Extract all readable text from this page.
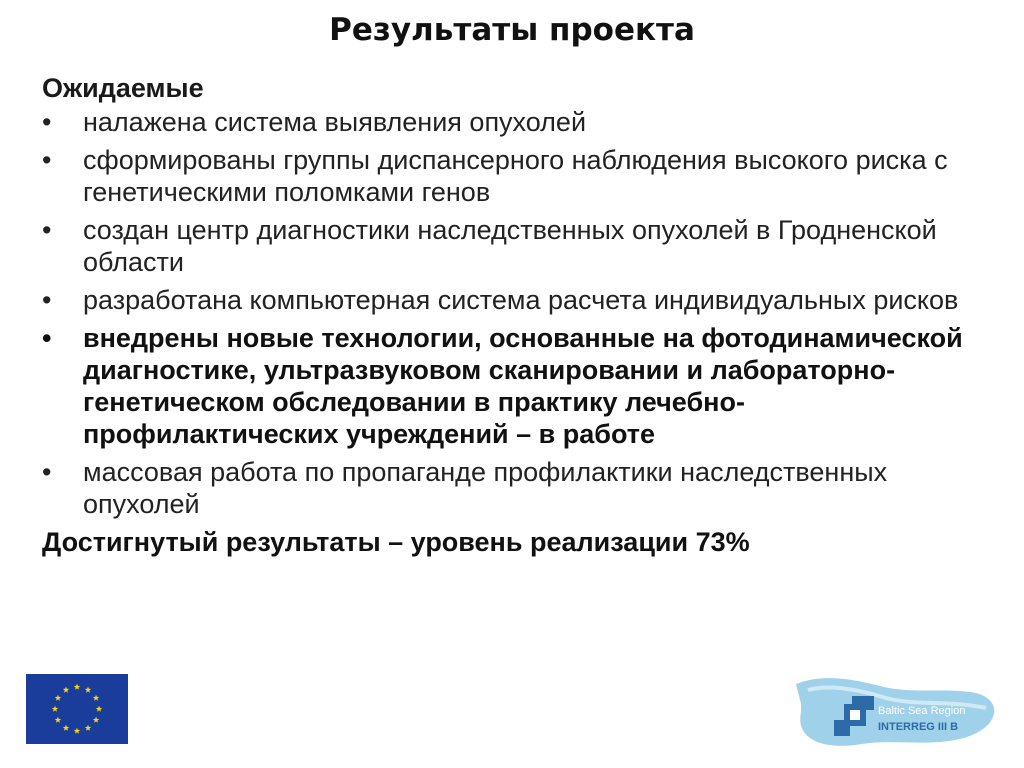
Результаты проекта
Ожидаемые
•	налажена система выявления опухолей
•	сформированы группы диспансерного наблюдения высокого риска с генетическими поломками генов
•	создан центр диагностики наследственных опухолей в Гродненской области
•	разработана компьютерная система расчета индивидуальных рисков
•	внедрены новые технологии, основанные на фотодинамической диагностике, ультразвуковом сканировании и лабораторно-генетическом обследовании в практику лечебно-профилактических учреждений – в работе
•	массовая работа по пропаганде профилактики наследственных опухолей
Достигнутый результаты – уровень реализации 73%
Baltic Sea Region
INTERREG III B
